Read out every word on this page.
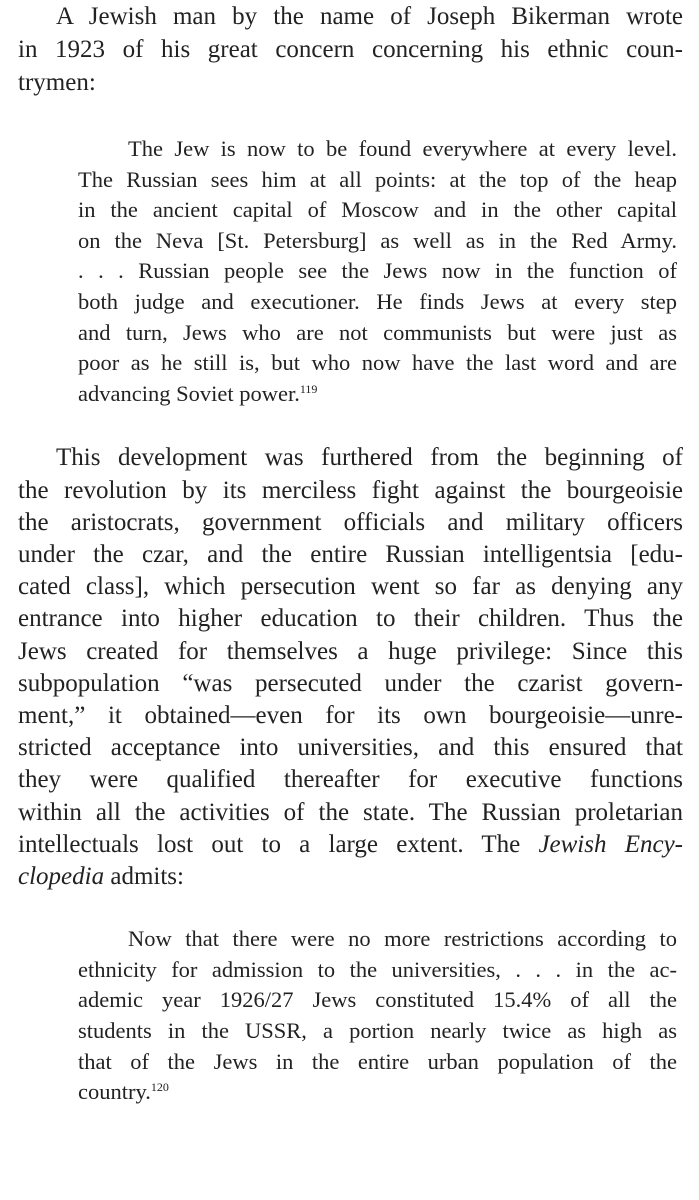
A Jewish man by the name of Joseph Bikerman wrote
in 1923 of his great concern concerning his ethnic coun-
trymen:
The Jew is now to be found everywhere at every level.
The Russian sees him at all points: at the top of the heap
in the ancient capital of Moscow and in the other capital
on the Neva [St. Petersburg] as well as in the Red Army.
. . . Russian people see the Jews now in the function of
both judge and executioner. He finds Jews at every step
and turn, Jews who are not communists but were just as
poor as he still is, but who now have the last word and are
advancing Soviet power.$^{119}$
This development was furthered from the beginning of
the revolution by its merciless fight against the bourgeoisie
the aristocrats, government officials and military officers
under the czar, and the entire Russian intelligentsia [edu-
cated class], which persecution went so far as denying any
entrance into higher education to their children. Thus the
Jews created for themselves a huge privilege: Since this
subpopulation “was persecuted under the czarist govern-
ment,” it obtained—even for its own bourgeoisie—unre-
stricted acceptance into universities, and this ensured that
they were qualified thereafter for executive functions
within all the activities of the state. The Russian proletarian
intellectuals lost out to a large extent. The Jewish Ency-
clopedia admits:
Now that there were no more restrictions according to
ethnicity for admission to the universities, . . . in the ac-
ademic year 1926/27 Jews constituted 15.4% of all the
students in the USSR, a portion nearly twice as high as
that of the Jews in the entire urban population of the
country.$^{120}$
